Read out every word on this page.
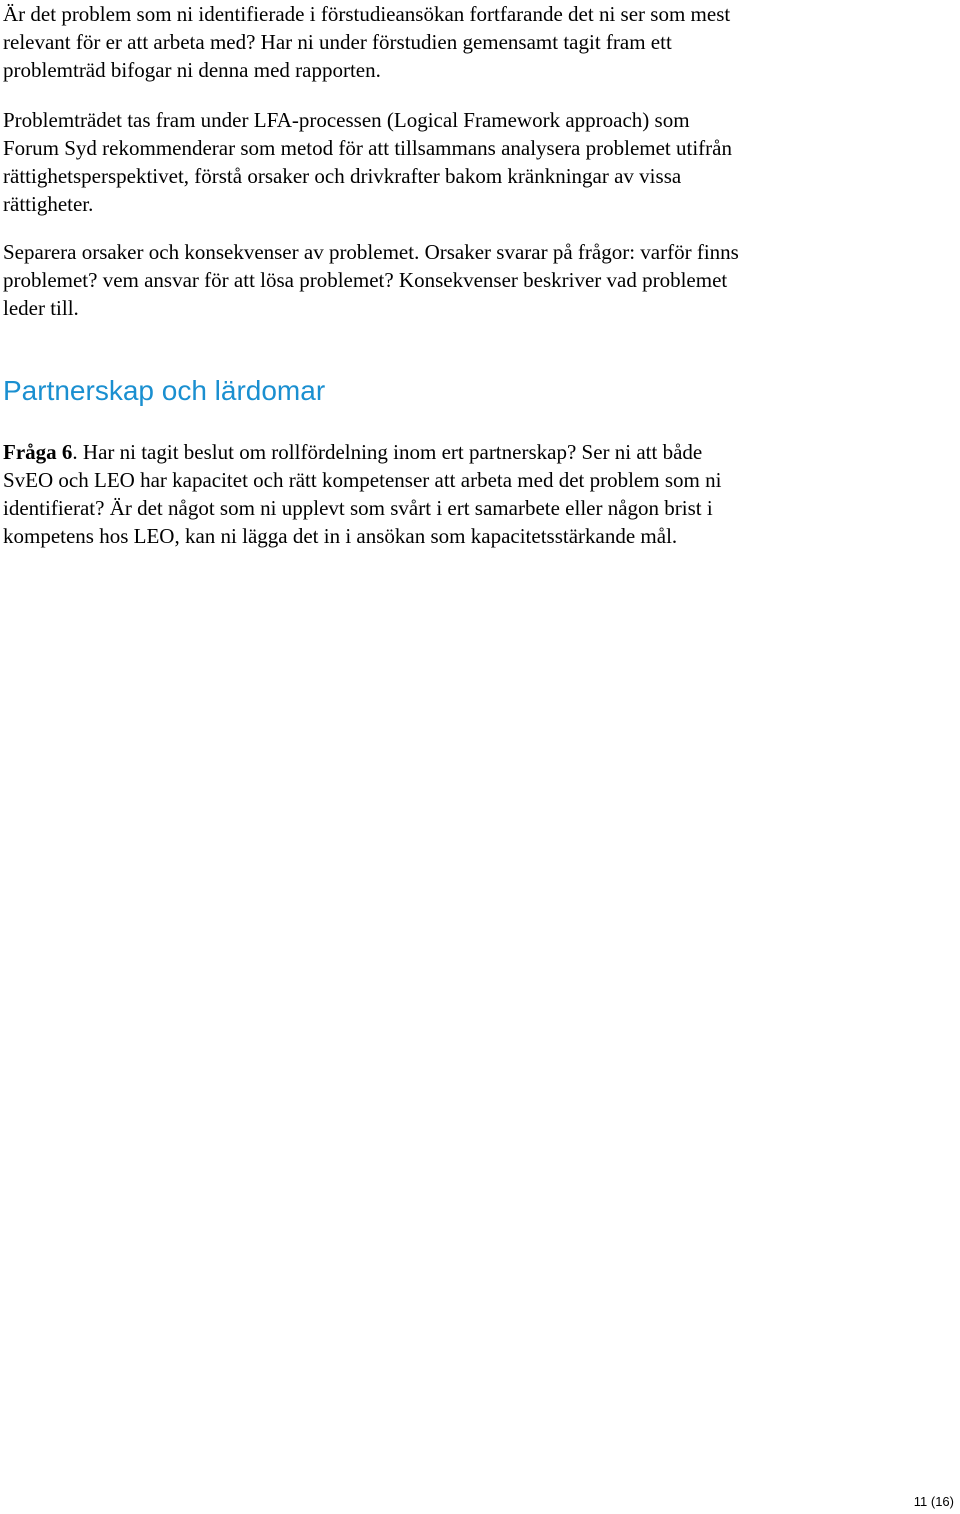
Är det problem som ni identifierade i förstudieansökan fortfarande det ni ser som mest
relevant för er att arbeta med? Har ni under förstudien gemensamt tagit fram ett
problemträd bifogar ni denna med rapporten.

Problemträdet tas fram under LFA-processen (Logical Framework approach) som
Forum Syd rekommenderar som metod för att tillsammans analysera problemet utifrån
rättighetsperspektivet, förstå orsaker och drivkrafter bakom kränkningar av vissa
rättigheter.

Separera orsaker och konsekvenser av problemet. Orsaker svarar på frågor: varför finns
problemet? vem ansvar för att lösa problemet? Konsekvenser beskriver vad problemet
leder till.

Partnerskap och lärdomar

Fråga 6. Har ni tagit beslut om rollfördelning inom ert partnerskap? Ser ni att både
SvEO och LEO har kapacitet och rätt kompetenser att arbeta med det problem som ni
identifierat? Är det något som ni upplevt som svårt i ert samarbete eller någon brist i
kompetens hos LEO, kan ni lägga det in i ansökan som kapacitetsstärkande mål.

11 (16)
